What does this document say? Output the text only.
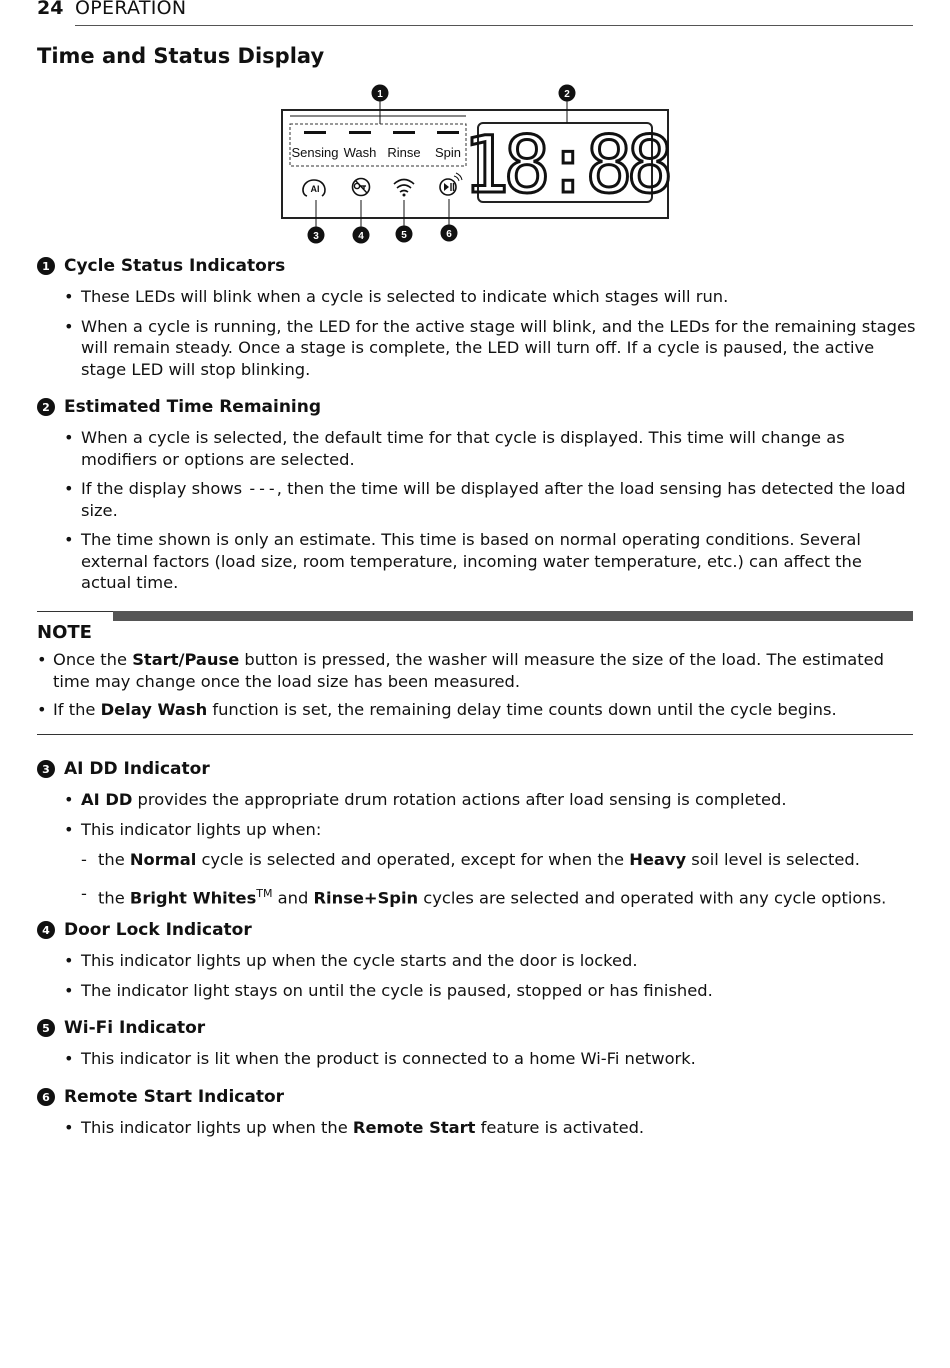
24 OPERATION
Time and Status Display
Sensing Wash Rinse Spin 18:88
AI
1	2
3	4	5	6
1 Cycle Status Indicators
• These LEDs will blink when a cycle is selected to indicate which stages will run.
• When a cycle is running, the LED for the active stage will blink, and the LEDs for the remaining stages will remain steady. Once a stage is complete, the LED will turn off. If a cycle is paused, the active stage LED will stop blinking.
2 Estimated Time Remaining
• When a cycle is selected, the default time for that cycle is displayed. This time will change as modifiers or options are selected.
• If the display shows ---, then the time will be displayed after the load sensing has detected the load size.
• The time shown is only an estimate. This time is based on normal operating conditions. Several external factors (load size, room temperature, incoming water temperature, etc.) can affect the actual time.
NOTE
• Once the Start/Pause button is pressed, the washer will measure the size of the load. The estimated time may change once the load size has been measured.
• If the Delay Wash function is set, the remaining delay time counts down until the cycle begins.
3 AI DD Indicator
• AI DD provides the appropriate drum rotation actions after load sensing is completed.
• This indicator lights up when:
- the Normal cycle is selected and operated, except for when the Heavy soil level is selected.
- the Bright Whites™ and Rinse+Spin cycles are selected and operated with any cycle options.
4 Door Lock Indicator
• This indicator lights up when the cycle starts and the door is locked.
• The indicator light stays on until the cycle is paused, stopped or has finished.
5 Wi-Fi Indicator
• This indicator is lit when the product is connected to a home Wi-Fi network.
6 Remote Start Indicator
• This indicator lights up when the Remote Start feature is activated.
